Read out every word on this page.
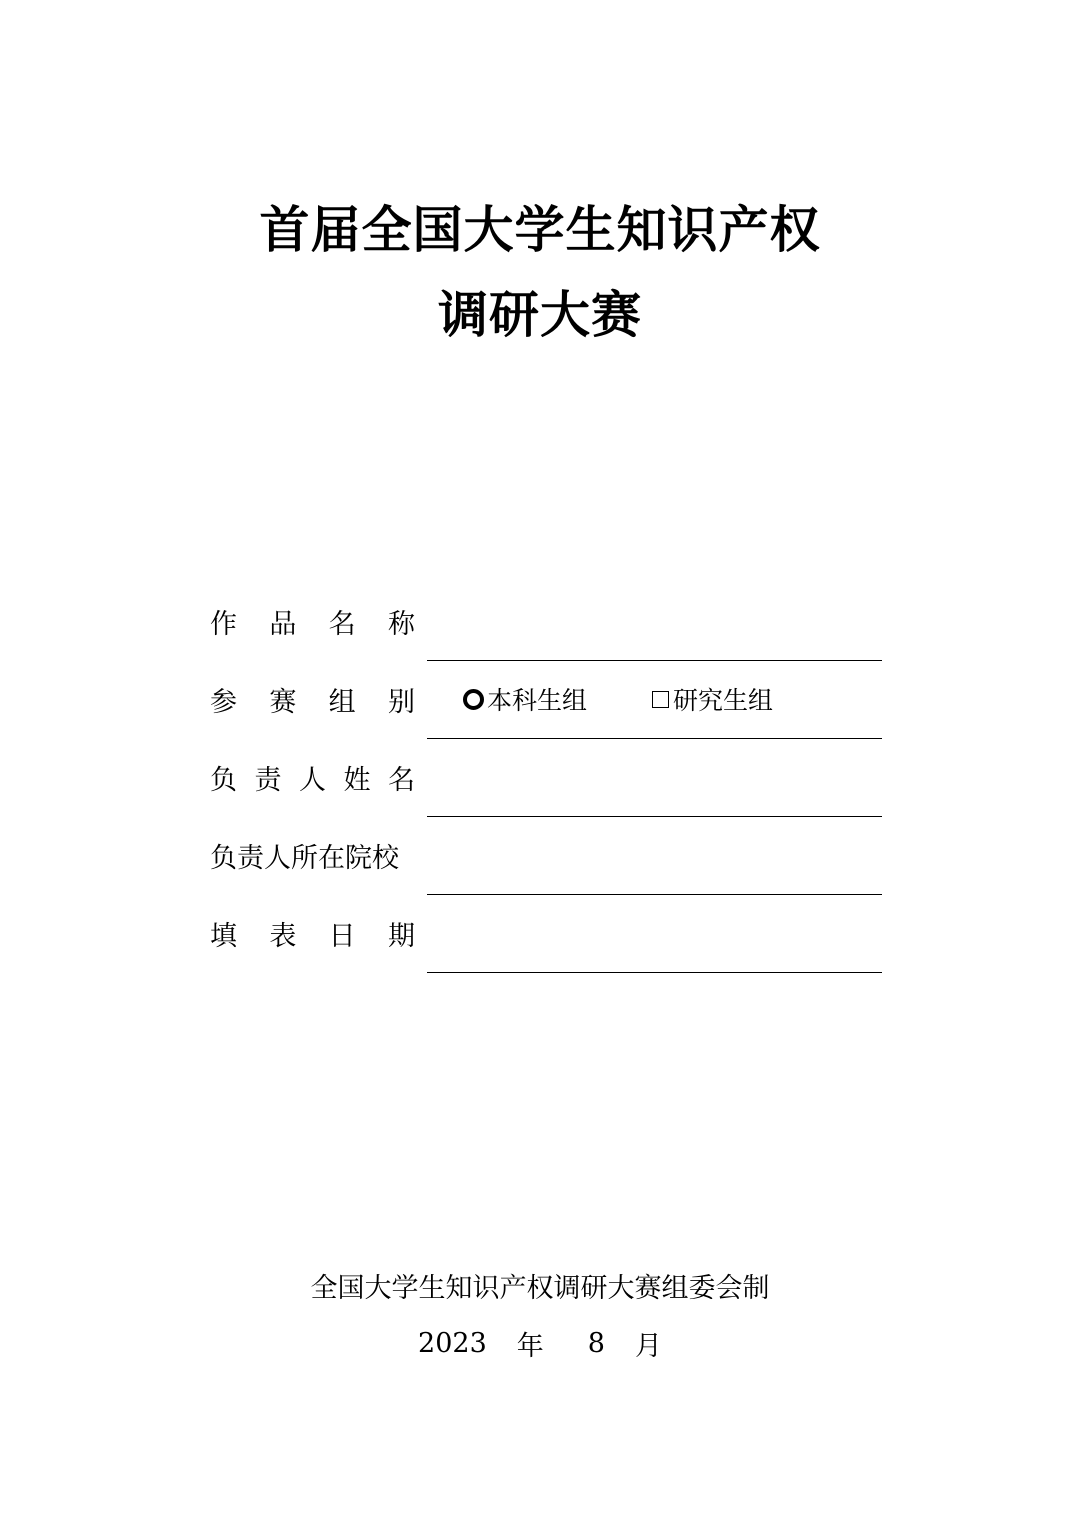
首届全国大学生知识产权
调研大赛
作 品 名 称
参 赛 组 别	本科生组	研究生组
负 责 人 姓 名
负责人所在院校
填 表 日 期
全国大学生知识产权调研大赛组委会制
2023 年 8 月
